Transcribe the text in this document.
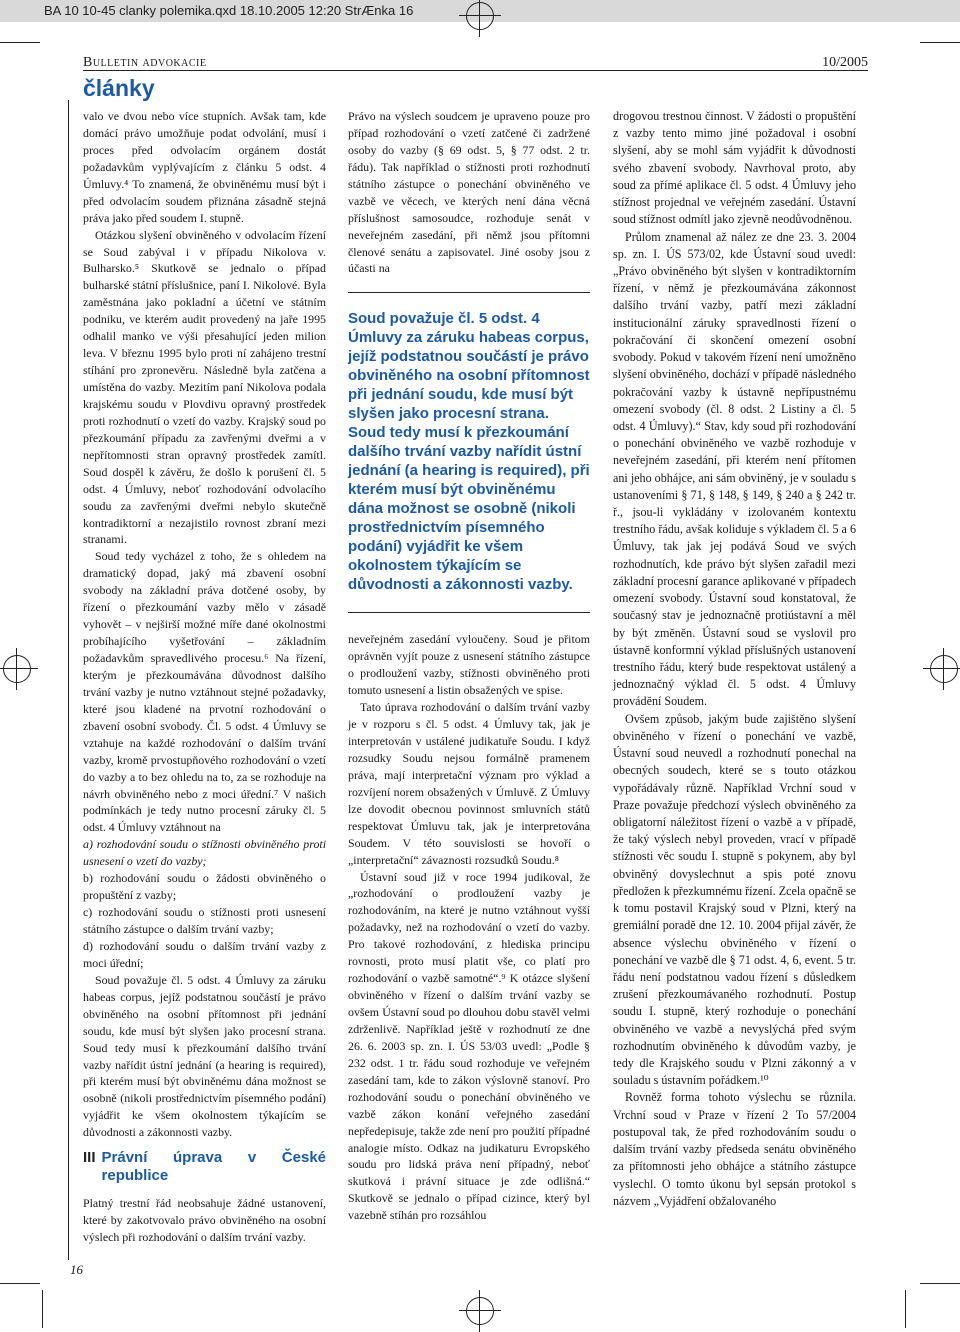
BA 10 10-45 clanky polemika.qxd 18.10.2005 12:20 StrÆnka 16
Bulletin advokacie	10/2005
články

valo ve dvou nebo více stupních. Avšak tam, kde domácí právo umožňuje podat odvolání, musí i proces před odvolacím orgánem dostát požadavkům vyplývajícím z článku 5 odst. 4 Úmluvy.⁴ To znamená, že obviněnému musí být i před odvolacím soudem přiznána zásadně stejná práva jako před soudem I. stupně.

Otázkou slyšení obviněného v odvolacím řízení se Soud zabýval i v případu Nikolova v. Bulharsko.⁵ Skutkově se jednalo o případ bulharské státní příslušnice, paní I. Nikolové. Byla zaměstnána jako pokladní a účetní ve státním podniku, ve kterém audit provedený na jaře 1995 odhalil manko ve výši přesahující jeden milion leva. V březnu 1995 bylo proti ní zahájeno trestní stíhání pro zpronevěru. Následně byla zatčena a umístěna do vazby. Mezitím paní Nikolova podala krajskému soudu v Plovdivu opravný prostředek proti rozhodnutí o vzetí do vazby. Krajský soud po přezkoumání případu za zavřenými dveřmi a v nepřítomnosti stran opravný prostředek zamítl. Soud dospěl k závěru, že došlo k porušení čl. 5 odst. 4 Úmluvy, neboť rozhodování odvolacího soudu za zavřenými dveřmi nebylo skutečně kontradiktorní a nezajistilo rovnost zbraní mezi stranami.

Soud tedy vycházel z toho, že s ohledem na dramatický dopad, jaký má zbavení osobní svobody na základní práva dotčené osoby, by řízení o přezkoumání vazby mělo v zásadě vyhovět – v nejširší možné míře dané okolnostmi probíhajícího vyšetřování – základním požadavkům spravedlivého procesu.⁶ Na řízení, kterým je přezkoumávána důvodnost dalšího trvání vazby je nutno vztáhnout stejné požadavky, které jsou kladené na prvotní rozhodování o zbavení osobní svobody. Čl. 5 odst. 4 Úmluvy se vztahuje na každé rozhodování o dalším trvání vazby, kromě prvostupňového rozhodování o vzetí do vazby a to bez ohledu na to, za se rozhoduje na návrh obviněného nebo z moci úřední.⁷ V našich podmínkách je tedy nutno procesní záruky čl. 5 odst. 4 Úmluvy vztáhnout na

a) rozhodování soudu o stížnosti obviněného proti usnesení o vzetí do vazby;

b) rozhodování soudu o žádosti obviněného o propuštění z vazby;

c) rozhodování soudu o stížnosti proti usnesení státního zástupce o dalším trvání vazby;

d) rozhodování soudu o dalším trvání vazby z moci úřední;

Soud považuje čl. 5 odst. 4 Úmluvy za záruku habeas corpus, jejíž podstatnou součástí je právo obviněného na osobní přítomnost při jednání soudu, kde musí být slyšen jako procesní strana. Soud tedy musí k přezkoumání dalšího trvání vazby nařídit ústní jednání (a hearing is required), při kterém musí být obviněnému dána možnost se osobně (nikoli prostřednictvím písemného podání) vyjádřit ke všem okolnostem týkajícím se důvodnosti a zákonnosti vazby.

III Právní úprava v České republice

Platný trestní řád neobsahuje žádné ustanovení, které by zakotvovalo právo obviněného na osobní výslech při rozhodování o dalším trvání vazby.

Právo na výslech soudcem je upraveno pouze pro případ rozhodování o vzetí zatčené či zadržené osoby do vazby (§ 69 odst. 5, § 77 odst. 2 tr. řádu). Tak například o stížnosti proti rozhodnutí státního zástupce o ponechání obviněného ve vazbě ve věcech, ve kterých není dána věcná příslušnost samosoudce, rozhoduje senát v neveřejném zasedání, při němž jsou přítomni členové senátu a zapisovatel. Jiné osoby jsou z účasti na

Soud považuje čl. 5 odst. 4 Úmluvy za záruku habeas corpus, jejíž podstatnou součástí je právo obviněného na osobní přítomnost při jednání soudu, kde musí být slyšen jako procesní strana. Soud tedy musí k přezkoumání dalšího trvání vazby nařídit ústní jednání (a hearing is required), při kterém musí být obviněnému dána možnost se osobně (nikoli prostřednictvím písemného podání) vyjádřit ke všem okolnostem týkajícím se důvodnosti a zákonnosti vazby.

neveřejném zasedání vyloučeny. Soud je přitom oprávněn vyjít pouze z usnesení státního zástupce o prodloužení vazby, stížnosti obviněného proti tomuto usnesení a listin obsažených ve spise.

Tato úprava rozhodování o dalším trvání vazby je v rozporu s čl. 5 odst. 4 Úmluvy tak, jak je interpretován v ustálené judikatuře Soudu. I když rozsudky Soudu nejsou formálně pramenem práva, mají interpretační význam pro výklad a rozvíjení norem obsažených v Úmluvě. Z Úmluvy lze dovodit obecnou povinnost smluvních států respektovat Úmluvu tak, jak je interpretována Soudem. V této souvislosti se hovoří o „interpretační“ závaznosti rozsudků Soudu.⁸

Ústavní soud již v roce 1994 judikoval, že „rozhodování o prodloužení vazby je rozhodováním, na které je nutno vztáhnout vyšší požadavky, než na rozhodování o vzetí do vazby. Pro takové rozhodování, z hlediska principu rovnosti, proto musí platit vše, co platí pro rozhodování o vazbě samotné“.⁹ K otázce slyšení obviněného v řízení o dalším trvání vazby se ovšem Ústavní soud po dlouhou dobu stavěl velmi zdrženlivě. Například ještě v rozhodnutí ze dne 26. 6. 2003 sp. zn. I. ÚS 53/03 uvedl: „Podle § 232 odst. 1 tr. řádu soud rozhoduje ve veřejném zasedání tam, kde to zákon výslovně stanoví. Pro rozhodování soudu o ponechání obviněného ve vazbě zákon konání veřejného zasedání nepředepisuje, takže zde není pro použití případné analogie místo. Odkaz na judikaturu Evropského soudu pro lidská práva není případný, neboť skutková i právní situace je zde odlišná.“ Skutkově se jednalo o případ cizince, který byl vazebně stíhán pro rozsáhlou

drogovou trestnou činnost. V žádosti o propuštění z vazby tento mimo jiné požadoval i osobní slyšení, aby se mohl sám vyjádřit k důvodnosti svého zbavení svobody. Navrhoval proto, aby soud za přímé aplikace čl. 5 odst. 4 Úmluvy jeho stížnost projednal ve veřejném zasedání. Ústavní soud stížnost odmítl jako zjevně neodůvodněnou.

Průlom znamenal až nález ze dne 23. 3. 2004 sp. zn. I. ÚS 573/02, kde Ústavní soud uvedl: „Právo obviněného být slyšen v kontradiktorním řízení, v němž je přezkoumávána zákonnost dalšího trvání vazby, patří mezi základní institucionální záruky spravedlnosti řízení o pokračování či skončení omezení osobní svobody. Pokud v takovém řízení není umožněno slyšení obviněného, dochází v případě následného pokračování vazby k ústavně nepřípustnému omezení svobody (čl. 8 odst. 2 Listiny a čl. 5 odst. 4 Úmluvy).“ Stav, kdy soud při rozhodování o ponechání obviněného ve vazbě rozhoduje v neveřejném zasedání, při kterém není přítomen ani jeho obhájce, ani sám obviněný, je v souladu s ustanoveními § 71, § 148, § 149, § 240 a § 242 tr. ř., jsou-li vykládány v izolovaném kontextu trestního řádu, avšak koliduje s výkladem čl. 5 a 6 Úmluvy, tak jak jej podává Soud ve svých rozhodnutích, kde právo být slyšen zařadil mezi základní procesní garance aplikované v případech omezení svobody. Ústavní soud konstatoval, že současný stav je jednoznačně protiústavní a měl by být změněn. Ústavní soud se vyslovil pro ústavně konformní výklad příslušných ustanovení trestního řádu, který bude respektovat ustálený a jednoznačný výklad čl. 5 odst. 4 Úmluvy provádění Soudem.

Ovšem způsob, jakým bude zajištěno slyšení obviněného v řízení o ponechání ve vazbě, Ústavní soud neuvedl a rozhodnutí ponechal na obecných soudech, které se s touto otázkou vypořádávaly různě. Například Vrchní soud v Praze považuje předchozí výslech obviněného za obligatorní náležitost řízení o vazbě a v případě, že taký výslech nebyl proveden, vrací v případě stížnosti věc soudu I. stupně s pokynem, aby byl obviněný dovyslechnut a spis poté znovu předložen k přezkumnému řízení. Zcela opačně se k tomu postavil Krajský soud v Plzni, který na gremiální poradě dne 12. 10. 2004 přijal závěr, že absence výslechu obviněného v řízení o ponechání ve vazbě dle § 71 odst. 4, 6, event. 5 tr. řádu není podstatnou vadou řízení s důsledkem zrušení přezkoumávaného rozhodnutí. Postup soudu I. stupně, který rozhoduje o ponechání obviněného ve vazbě a nevyslýchá před svým rozhodnutím obviněného k důvodům vazby, je tedy dle Krajského soudu v Plzni zákonný a v souladu s ústavním pořádkem.¹⁰

Rovněž forma tohoto výslechu se různila. Vrchní soud v Praze v řízení 2 To 57/2004 postupoval tak, že před rozhodováním soudu o dalším trvání vazby předseda senátu obviněného za přítomnosti jeho obhájce a státního zástupce vyslechl. O tomto úkonu byl sepsán protokol s názvem „Vyjádření obžalovaného

16
